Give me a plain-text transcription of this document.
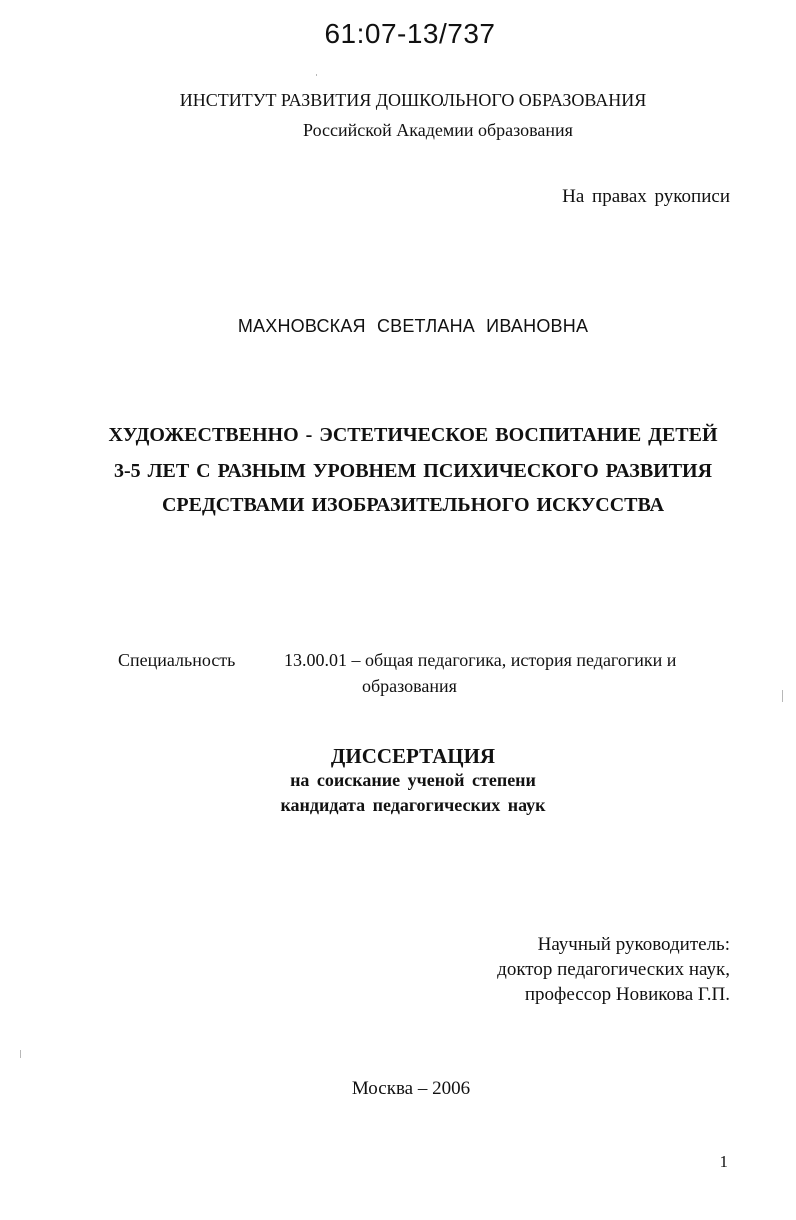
61:07-13/737
ИНСТИТУТ РАЗВИТИЯ ДОШКОЛЬНОГО ОБРАЗОВАНИЯ
Российской Академии образования
На правах рукописи
МАХНОВСКАЯ СВЕТЛАНА ИВАНОВНА
ХУДОЖЕСТВЕННО - ЭСТЕТИЧЕСКОЕ ВОСПИТАНИЕ ДЕТЕЙ
3-5 ЛЕТ С РАЗНЫМ УРОВНЕМ ПСИХИЧЕСКОГО РАЗВИТИЯ
СРЕДСТВАМИ ИЗОБРАЗИТЕЛЬНОГО ИСКУССТВА
Специальность	13.00.01 – общая педагогика, история педагогики и
образования
ДИССЕРТАЦИЯ
на соискание ученой степени
кандидата педагогических наук
Научный руководитель:
доктор педагогических наук,
профессор Новикова Г.П.
Москва – 2006
1
